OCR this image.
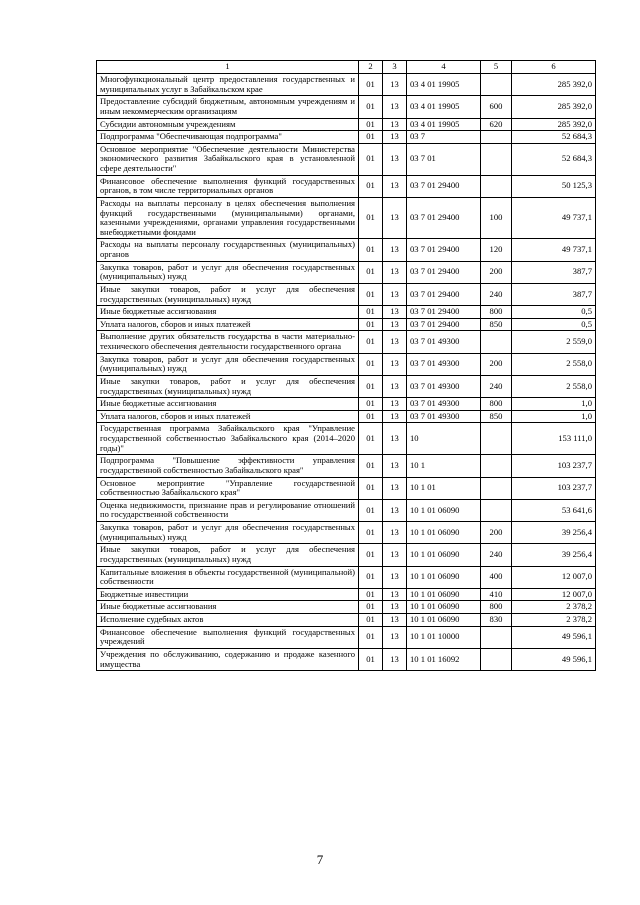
1	2	3	4	5	6
Многофункциональный центр предоставления государственных и муниципальных услуг в Забайкальском крае	01	13	03 4 01 19905		285 392,0
Предоставление субсидий бюджетным, автономным учреждениям и иным некоммерческим организациям	01	13	03 4 01 19905	600	285 392,0
Субсидии автономным учреждениям	01	13	03 4 01 19905	620	285 392,0
Подпрограмма "Обеспечивающая подпрограмма"	01	13	03 7		52 684,3
Основное мероприятие "Обеспечение деятельности Министерства экономического развития Забайкальского края в установленной сфере деятельности"	01	13	03 7 01		52 684,3
Финансовое обеспечение выполнения функций государственных органов, в том числе территориальных органов	01	13	03 7 01 29400		50 125,3
Расходы на выплаты персоналу в целях обеспечения выполнения функций государственными (муниципальными) органами, казенными учреждениями, органами управления государственными внебюджетными фондами	01	13	03 7 01 29400	100	49 737,1
Расходы на выплаты персоналу государственных (муниципальных) органов	01	13	03 7 01 29400	120	49 737,1
Закупка товаров, работ и услуг для обеспечения государственных (муниципальных) нужд	01	13	03 7 01 29400	200	387,7
Иные закупки товаров, работ и услуг для обеспечения государственных (муниципальных) нужд	01	13	03 7 01 29400	240	387,7
Иные бюджетные ассигнования	01	13	03 7 01 29400	800	0,5
Уплата налогов, сборов и иных платежей	01	13	03 7 01 29400	850	0,5
Выполнение других обязательств государства в части материально-технического обеспечения деятельности государственного органа	01	13	03 7 01 49300		2 559,0
Закупка товаров, работ и услуг для обеспечения государственных (муниципальных) нужд	01	13	03 7 01 49300	200	2 558,0
Иные закупки товаров, работ и услуг для обеспечения государственных (муниципальных) нужд	01	13	03 7 01 49300	240	2 558,0
Иные бюджетные ассигнования	01	13	03 7 01 49300	800	1,0
Уплата налогов, сборов и иных платежей	01	13	03 7 01 49300	850	1,0
Государственная программа Забайкальского края "Управление государственной собственностью Забайкальского края (2014–2020 годы)"	01	13	10		153 111,0
Подпрограмма "Повышение эффективности управления государственной собственностью Забайкальского края"	01	13	10 1		103 237,7
Основное мероприятие "Управление государственной собственностью Забайкальского края"	01	13	10 1 01		103 237,7
Оценка недвижимости, признание прав и регулирование отношений по государственной собственности	01	13	10 1 01 06090		53 641,6
Закупка товаров, работ и услуг для обеспечения государственных (муниципальных) нужд	01	13	10 1 01 06090	200	39 256,4
Иные закупки товаров, работ и услуг для обеспечения государственных (муниципальных) нужд	01	13	10 1 01 06090	240	39 256,4
Капитальные вложения в объекты государственной (муниципальной) собственности	01	13	10 1 01 06090	400	12 007,0
Бюджетные инвестиции	01	13	10 1 01 06090	410	12 007,0
Иные бюджетные ассигнования	01	13	10 1 01 06090	800	2 378,2
Исполнение судебных актов	01	13	10 1 01 06090	830	2 378,2
Финансовое обеспечение выполнения функций государственных учреждений	01	13	10 1 01 10000		49 596,1
Учреждения по обслуживанию, содержанию и продаже казенного имущества	01	13	10 1 01 16092		49 596,1
7
